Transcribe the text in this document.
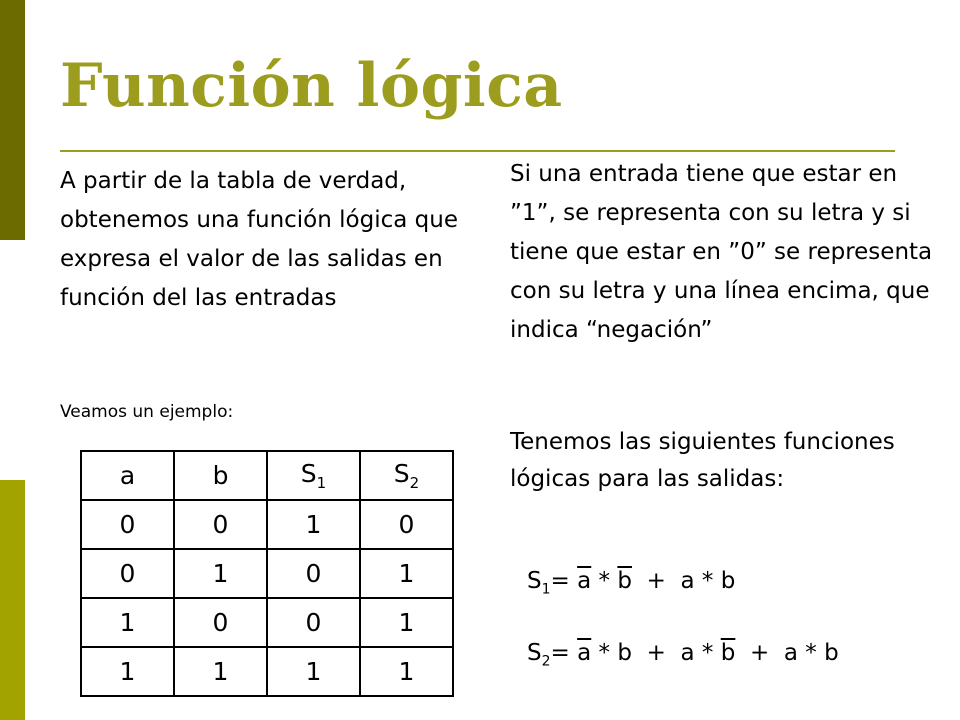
Función lógica

A partir de la tabla de verdad, obtenemos una función lógica que expresa el valor de las salidas en función del las entradas

Si una entrada tiene que estar en ”1”, se representa con su letra y si tiene que estar en ”0” se representa con su letra y una línea encima, que indica “negación”

Veamos un ejemplo:

Tenemos las siguientes funciones lógicas para las salidas:

a	b	$S_1$	$S_2$
0	0	1	0
0	1	0	1
1	0	0	1
1	1	1	1
$S_1= \overline{a} * \overline{b} + a * b$
$S_2= \overline{a} * b + a * \overline{b} + a * b$
